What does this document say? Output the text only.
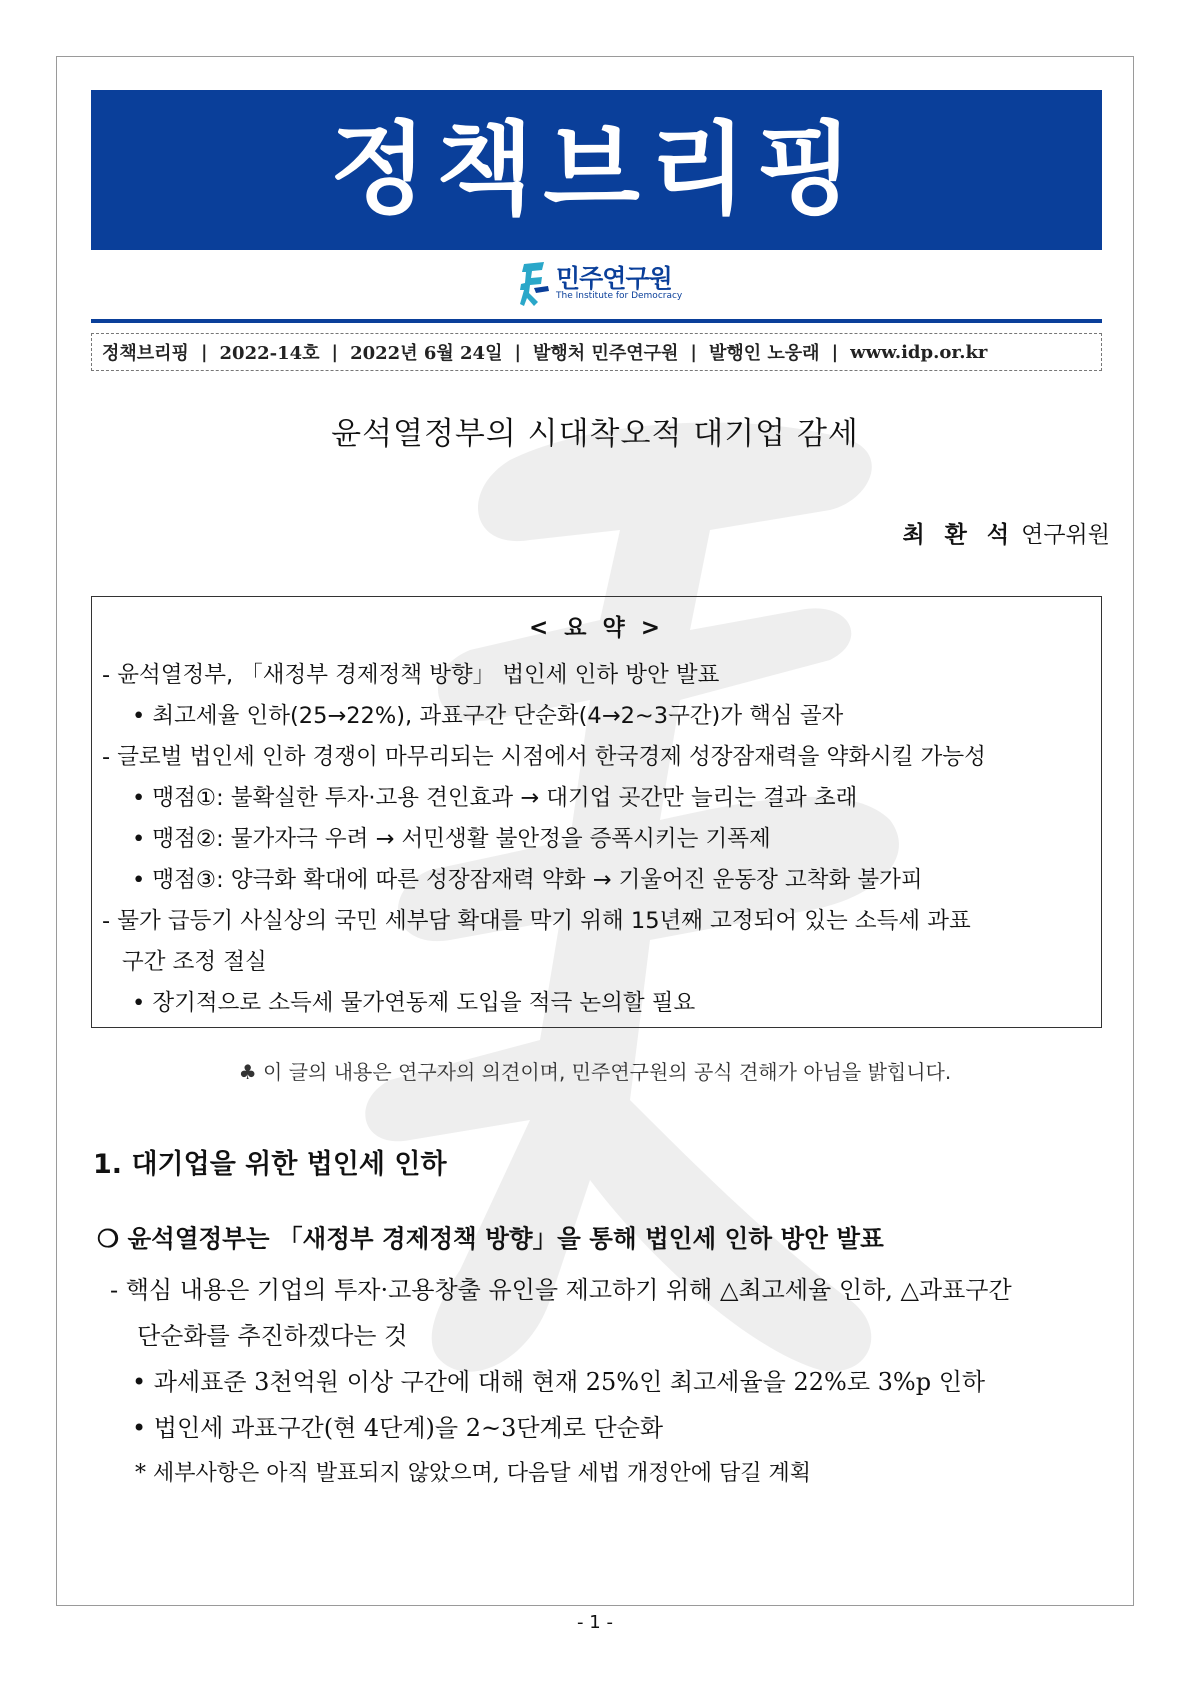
정책브리핑
민주연구원
The Institute for Democracy
정책브리핑 | 2022-14호 | 2022년 6월 24일 | 발행처 민주연구원 | 발행인 노웅래 | www.idp.or.kr
윤석열정부의 시대착오적 대기업 감세
최 환 석 연구위원
< 요 약 >
- 윤석열정부, 「새정부 경제정책 방향」 법인세 인하 방안 발표
• 최고세율 인하(25→22%), 과표구간 단순화(4→2~3구간)가 핵심 골자
- 글로벌 법인세 인하 경쟁이 마무리되는 시점에서 한국경제 성장잠재력을 약화시킬 가능성
• 맹점①: 불확실한 투자·고용 견인효과 → 대기업 곳간만 늘리는 결과 초래
• 맹점②: 물가자극 우려 → 서민생활 불안정을 증폭시키는 기폭제
• 맹점③: 양극화 확대에 따른 성장잠재력 약화 → 기울어진 운동장 고착화 불가피
- 물가 급등기 사실상의 국민 세부담 확대를 막기 위해 15년째 고정되어 있는 소득세 과표
구간 조정 절실
• 장기적으로 소득세 물가연동제 도입을 적극 논의할 필요
♣ 이 글의 내용은 연구자의 의견이며, 민주연구원의 공식 견해가 아님을 밝힙니다.
1. 대기업을 위한 법인세 인하
❍ 윤석열정부는 「새정부 경제정책 방향」을 통해 법인세 인하 방안 발표
- 핵심 내용은 기업의 투자·고용창출 유인을 제고하기 위해 △최고세율 인하, △과표구간
단순화를 추진하겠다는 것
• 과세표준 3천억원 이상 구간에 대해 현재 25%인 최고세율을 22%로 3%p 인하
• 법인세 과표구간(현 4단계)을 2~3단계로 단순화
* 세부사항은 아직 발표되지 않았으며, 다음달 세법 개정안에 담길 계획
- 1 -
